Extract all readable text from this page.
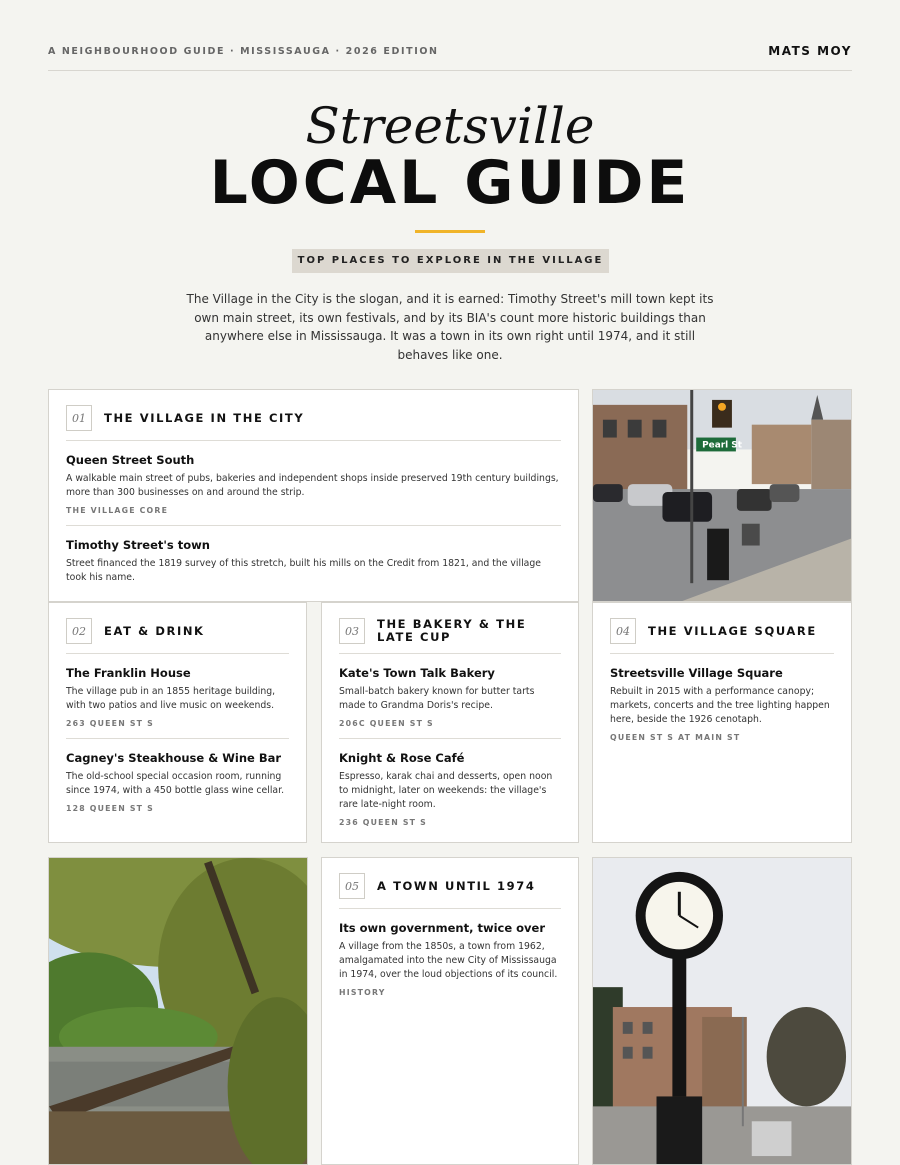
A NEIGHBOURHOOD GUIDE · MISSISSAUGA · 2026 EDITION	MATS MOY
Streetsville
LOCAL GUIDE
TOP PLACES TO EXPLORE IN THE VILLAGE
The Village in the City is the slogan, and it is earned: Timothy Street's mill town kept its own main street, its own festivals, and by its BIA's count more historic buildings than anywhere else in Mississauga. It was a town in its own right until 1974, and it still behaves like one.
01	THE VILLAGE IN THE CITY
Queen Street South
A walkable main street of pubs, bakeries and independent shops inside preserved 19th century buildings, more than 300 businesses on and around the strip.
THE VILLAGE CORE
Timothy Street's town
Street financed the 1819 survey of this stretch, built his mills on the Credit from 1821, and the village took his name.
Pearl St
02	EAT & DRINK
The Franklin House
The village pub in an 1855 heritage building, with two patios and live music on weekends.
263 QUEEN ST S
Cagney's Steakhouse & Wine Bar
The old-school special occasion room, running since 1974, with a 450 bottle glass wine cellar.
128 QUEEN ST S
03
THE BAKERY & THE LATE CUP
Kate's Town Talk Bakery
Small-batch bakery known for butter tarts made to Grandma Doris's recipe.
206C QUEEN ST S
Knight & Rose Café
Espresso, karak chai and desserts, open noon to midnight, later on weekends: the village's rare late-night room.
236 QUEEN ST S
04	THE VILLAGE SQUARE
Streetsville Village Square
Rebuilt in 2015 with a performance canopy; markets, concerts and the tree lighting happen here, beside the 1926 cenotaph.
QUEEN ST S AT MAIN ST
05	A TOWN UNTIL 1974
Its own government, twice over
A village from the 1850s, a town from 1962, amalgamated into the new City of Mississauga in 1974, over the loud objections of its council.
HISTORY
